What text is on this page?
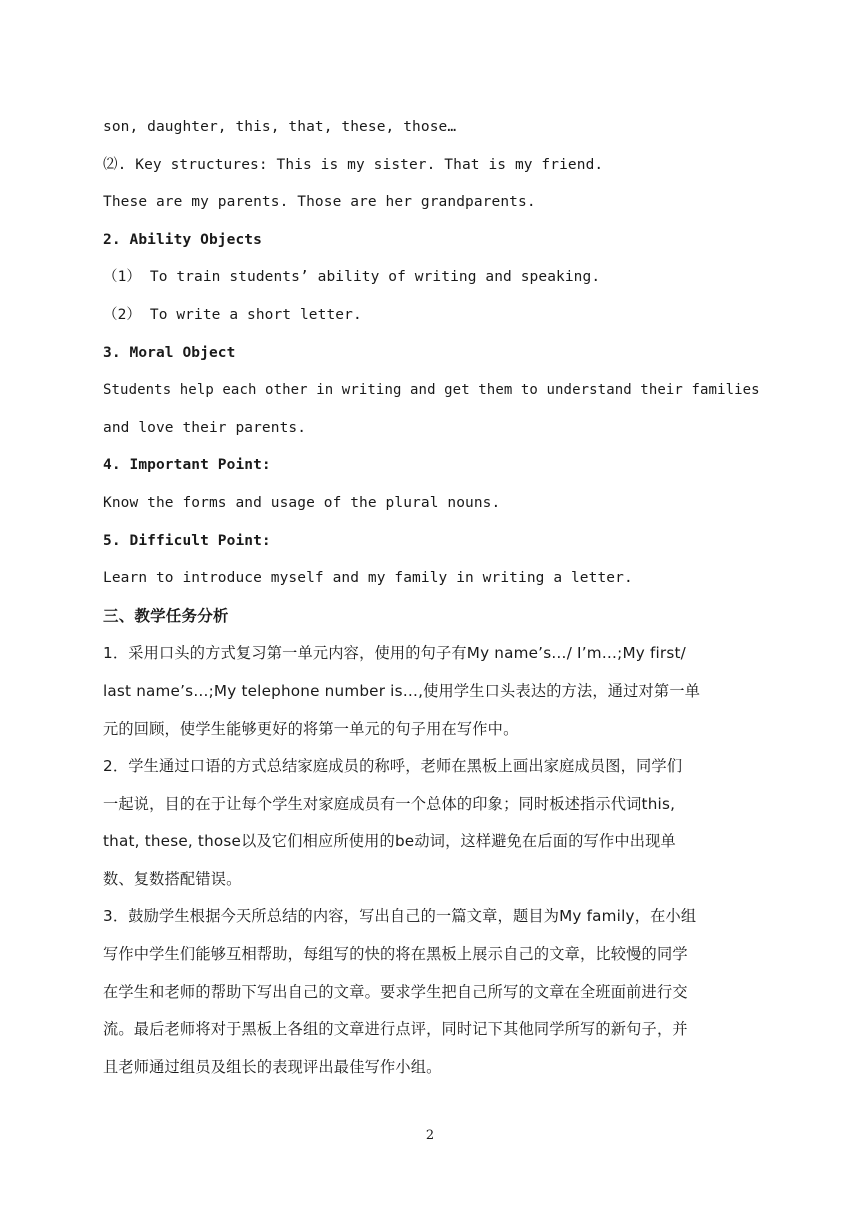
son, daughter, this, that, these, those…
⑵. Key structures: This is my sister. That is my friend.
These are my parents. Those are her grandparents.
2. Ability Objects
（1） To train students’ ability of writing and speaking.
（2） To write a short letter.
3. Moral Object
Students help each other in writing and get them to understand their families
and love their parents.
4. Important Point:
Know the forms and usage of the plural nouns.
5. Difficult Point:
Learn to introduce myself and my family in writing a letter.
三、教学任务分析
1．采用口头的方式复习第一单元内容，使用的句子有My name’s…/ I’m…;My first/
last name’s…;My telephone number is…,使用学生口头表达的方法，通过对第一单
元的回顾，使学生能够更好的将第一单元的句子用在写作中。
2．学生通过口语的方式总结家庭成员的称呼，老师在黑板上画出家庭成员图，同学们
一起说，目的在于让每个学生对家庭成员有一个总体的印象；同时板述指示代词this,
that, these, those以及它们相应所使用的be动词，这样避免在后面的写作中出现单
数、复数搭配错误。
3．鼓励学生根据今天所总结的内容，写出自己的一篇文章，题目为My family，在小组
写作中学生们能够互相帮助，每组写的快的将在黑板上展示自己的文章，比较慢的同学
在学生和老师的帮助下写出自己的文章。要求学生把自己所写的文章在全班面前进行交
流。最后老师将对于黑板上各组的文章进行点评，同时记下其他同学所写的新句子，并
且老师通过组员及组长的表现评出最佳写作小组。
2
